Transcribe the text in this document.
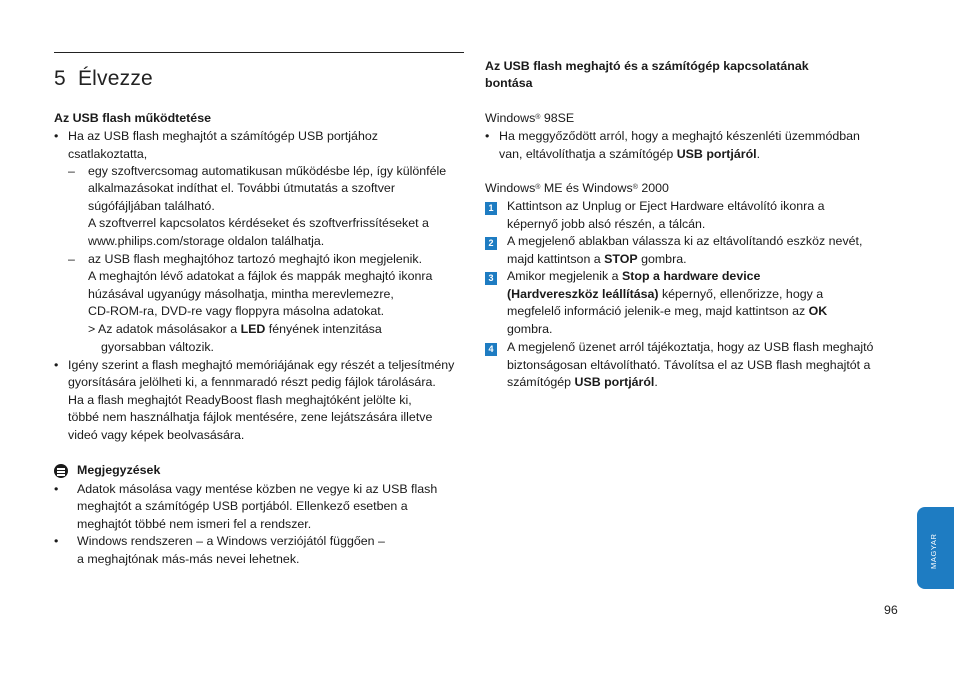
5 Élvezze
Az USB flash működtetése
• Ha az USB flash meghajtót a számítógép USB portjához
csatlakoztatta,
– egy szoftvercsomag automatikusan működésbe lép, így különféle
alkalmazásokat indíthat el. További útmutatás a szoftver
súgófájljában található.
A szoftverrel kapcsolatos kérdéseket és szoftverfrissítéseket a
www.philips.com/storage oldalon találhatja.
– az USB flash meghajtóhoz tartozó meghajtó ikon megjelenik.
A meghajtón lévő adatokat a fájlok és mappák meghajtó ikonra
húzásával ugyanúgy másolhatja, mintha merevlemezre,
CD-ROM-ra, DVD-re vagy floppyra másolna adatokat.
> Az adatok másolásakor a LED fényének intenzitása
gyorsabban változik.
• Igény szerint a flash meghajtó memóriájának egy részét a teljesítmény
gyorsítására jelölheti ki, a fennmaradó részt pedig fájlok tárolására.
Ha a flash meghajtót ReadyBoost flash meghajtóként jelölte ki,
többé nem használhatja fájlok mentésére, zene lejátszására illetve
videó vagy képek beolvasására.
Megjegyzések
• Adatok másolása vagy mentése közben ne vegye ki az USB flash
meghajtót a számítógép USB portjából. Ellenkező esetben a
meghajtót többé nem ismeri fel a rendszer.
• Windows rendszeren – a Windows verziójától függően –
a meghajtónak más-más nevei lehetnek.
Az USB flash meghajtó és a számítógép kapcsolatának
bontása
Windows® 98SE
• Ha meggyőződött arról, hogy a meghajtó készenléti üzemmódban
van, eltávolíthatja a számítógép USB portjáról.
Windows® ME és Windows® 2000
1 Kattintson az Unplug or Eject Hardware eltávolító ikonra a
képernyő jobb alsó részén, a tálcán.
2 A megjelenő ablakban válassza ki az eltávolítandó eszköz nevét,
majd kattintson a STOP gombra.
3 Amikor megjelenik a Stop a hardware device
(Hardvereszköz leállítása) képernyő, ellenőrizze, hogy a
megfelelő információ jelenik-e meg, majd kattintson az OK
gombra.
4 A megjelenő üzenet arról tájékoztatja, hogy az USB flash meghajtó
biztonságosan eltávolítható. Távolítsa el az USB flash meghajtót a
számítógép USB portjáról.
MAGYAR
96
